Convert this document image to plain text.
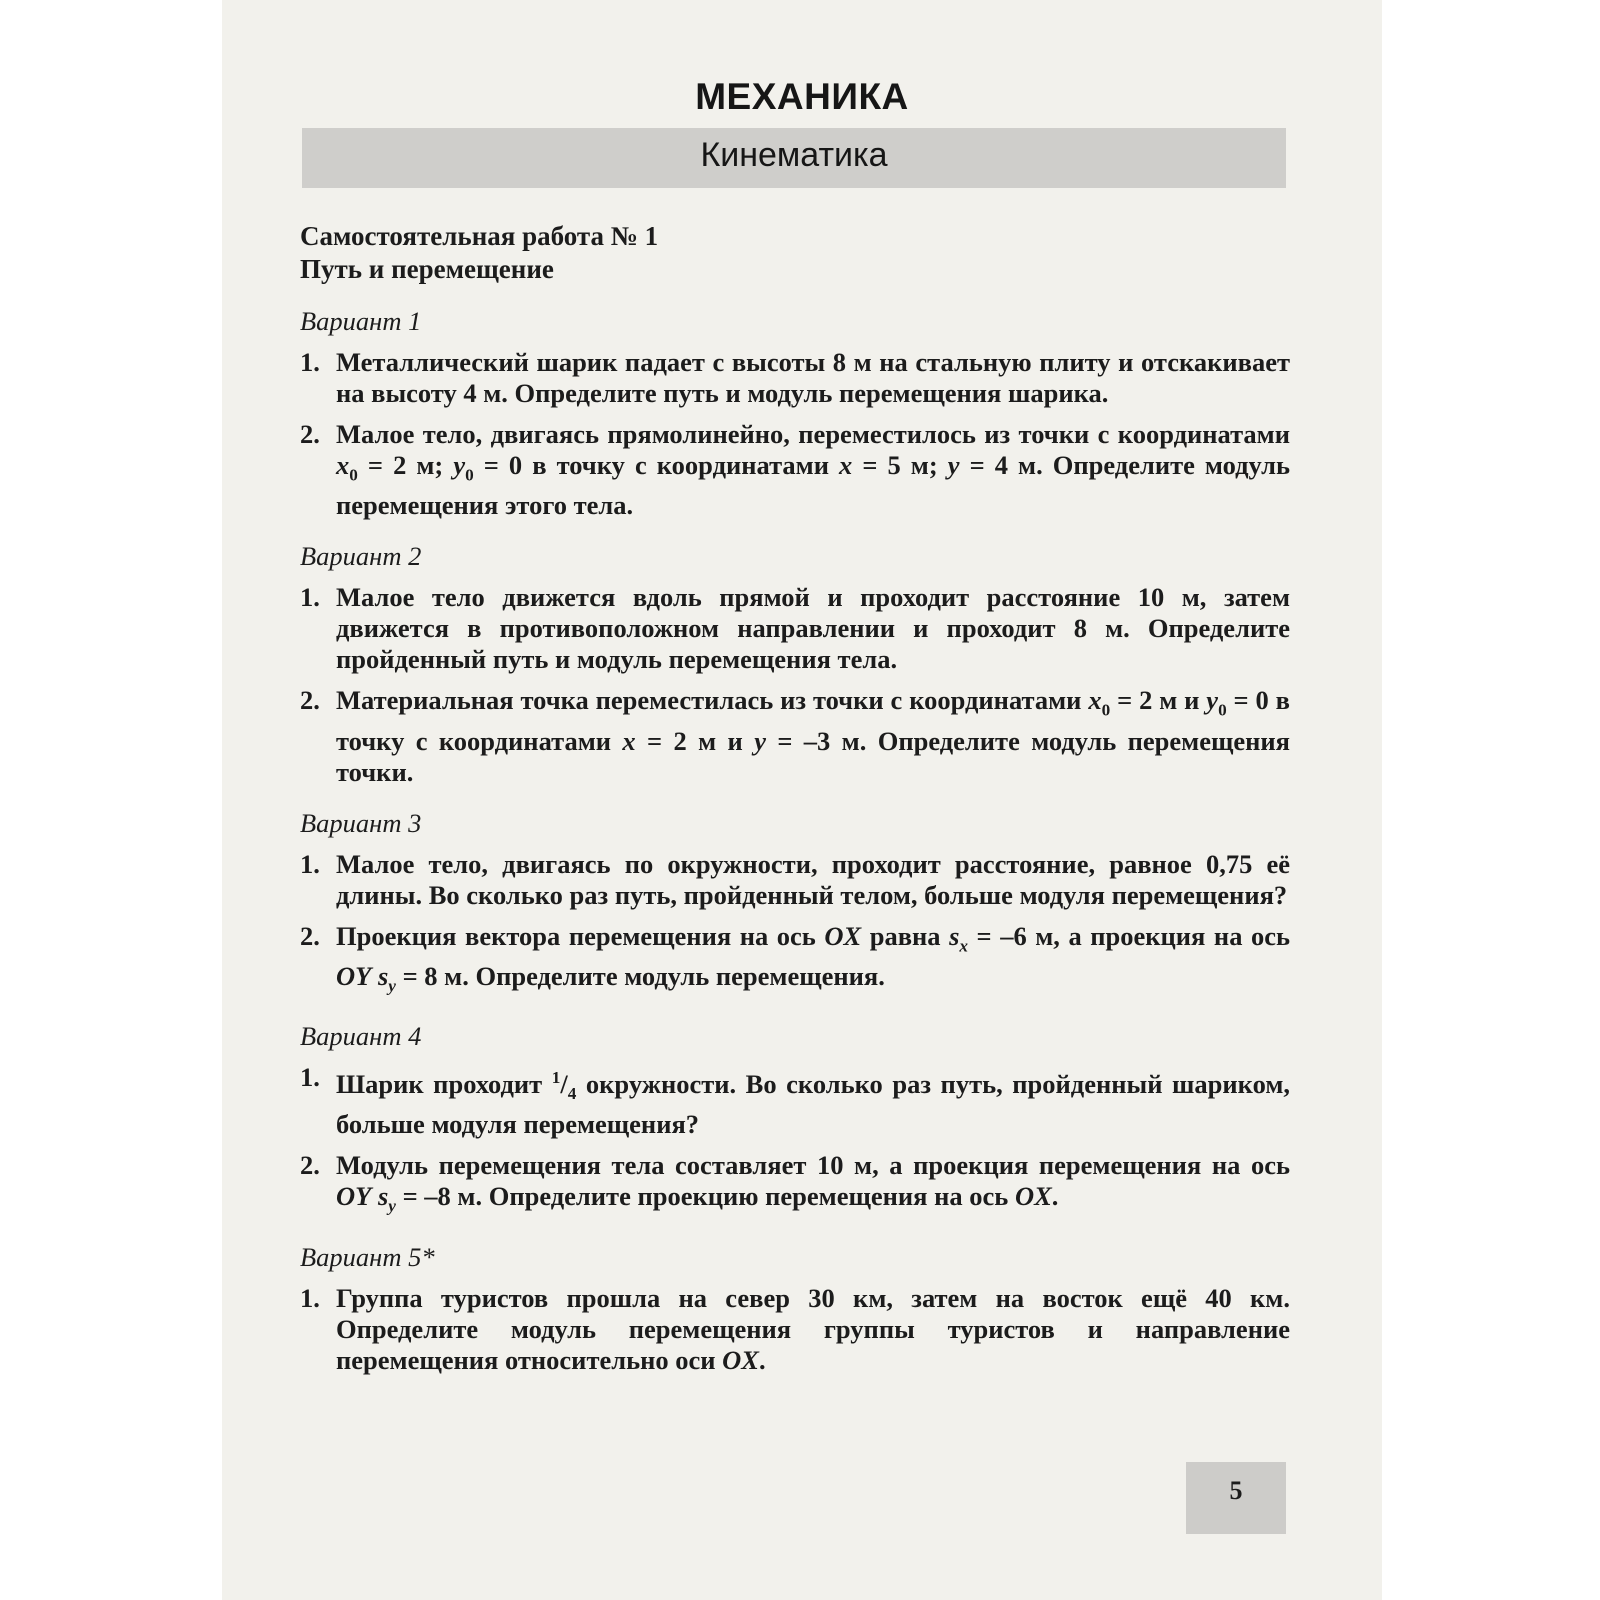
Кинематика
МЕХАНИКА

Самостоятельная работа № 1
Путь и перемещение

Вариант 1
1. Металлический шарик падает с высоты 8 м на стальную плиту и отскакивает на высоту 4 м. Определите путь и модуль перемещения шарика.
2. Малое тело, двигаясь прямолинейно, переместилось из точки с координатами $x_0 = 2$ м; $y_0 = 0$ в точку с координатами x = 5 м; y = 4 м. Определите модуль перемещения этого тела.
Вариант 2
1. Малое тело движется вдоль прямой и проходит расстояние 10 м, затем движется в противоположном направлении и проходит 8 м. Определите пройденный путь и модуль перемещения тела.
2. Материальная точка переместилась из точки с координатами $x_0 = 2$ м и $y_0 = 0$ в точку с координатами x = 2 м и y = –3 м. Определите модуль перемещения точки.
Вариант 3
1. Малое тело, двигаясь по окружности, проходит расстояние, равное 0,75 её длины. Во сколько раз путь, пройденный телом, больше модуля перемещения?
2. Проекция вектора перемещения на ось OX равна $s_x = -6$ м, а проекция на ось OY $s_y = 8$ м. Определите модуль перемещения.
Вариант 4
1. Шарик проходит $^1/_4$ окружности. Во сколько раз путь, пройденный шариком, больше модуля перемещения?
2. Модуль перемещения тела составляет 10 м, а проекция перемещения на ось OY $s_y = -8$ м. Определите проекцию перемещения на ось OX.
Вариант 5*
1. Группа туристов прошла на север 30 км, затем на восток ещё 40 км. Определите модуль перемещения группы туристов и направление перемещения относительно оси OX.
5
